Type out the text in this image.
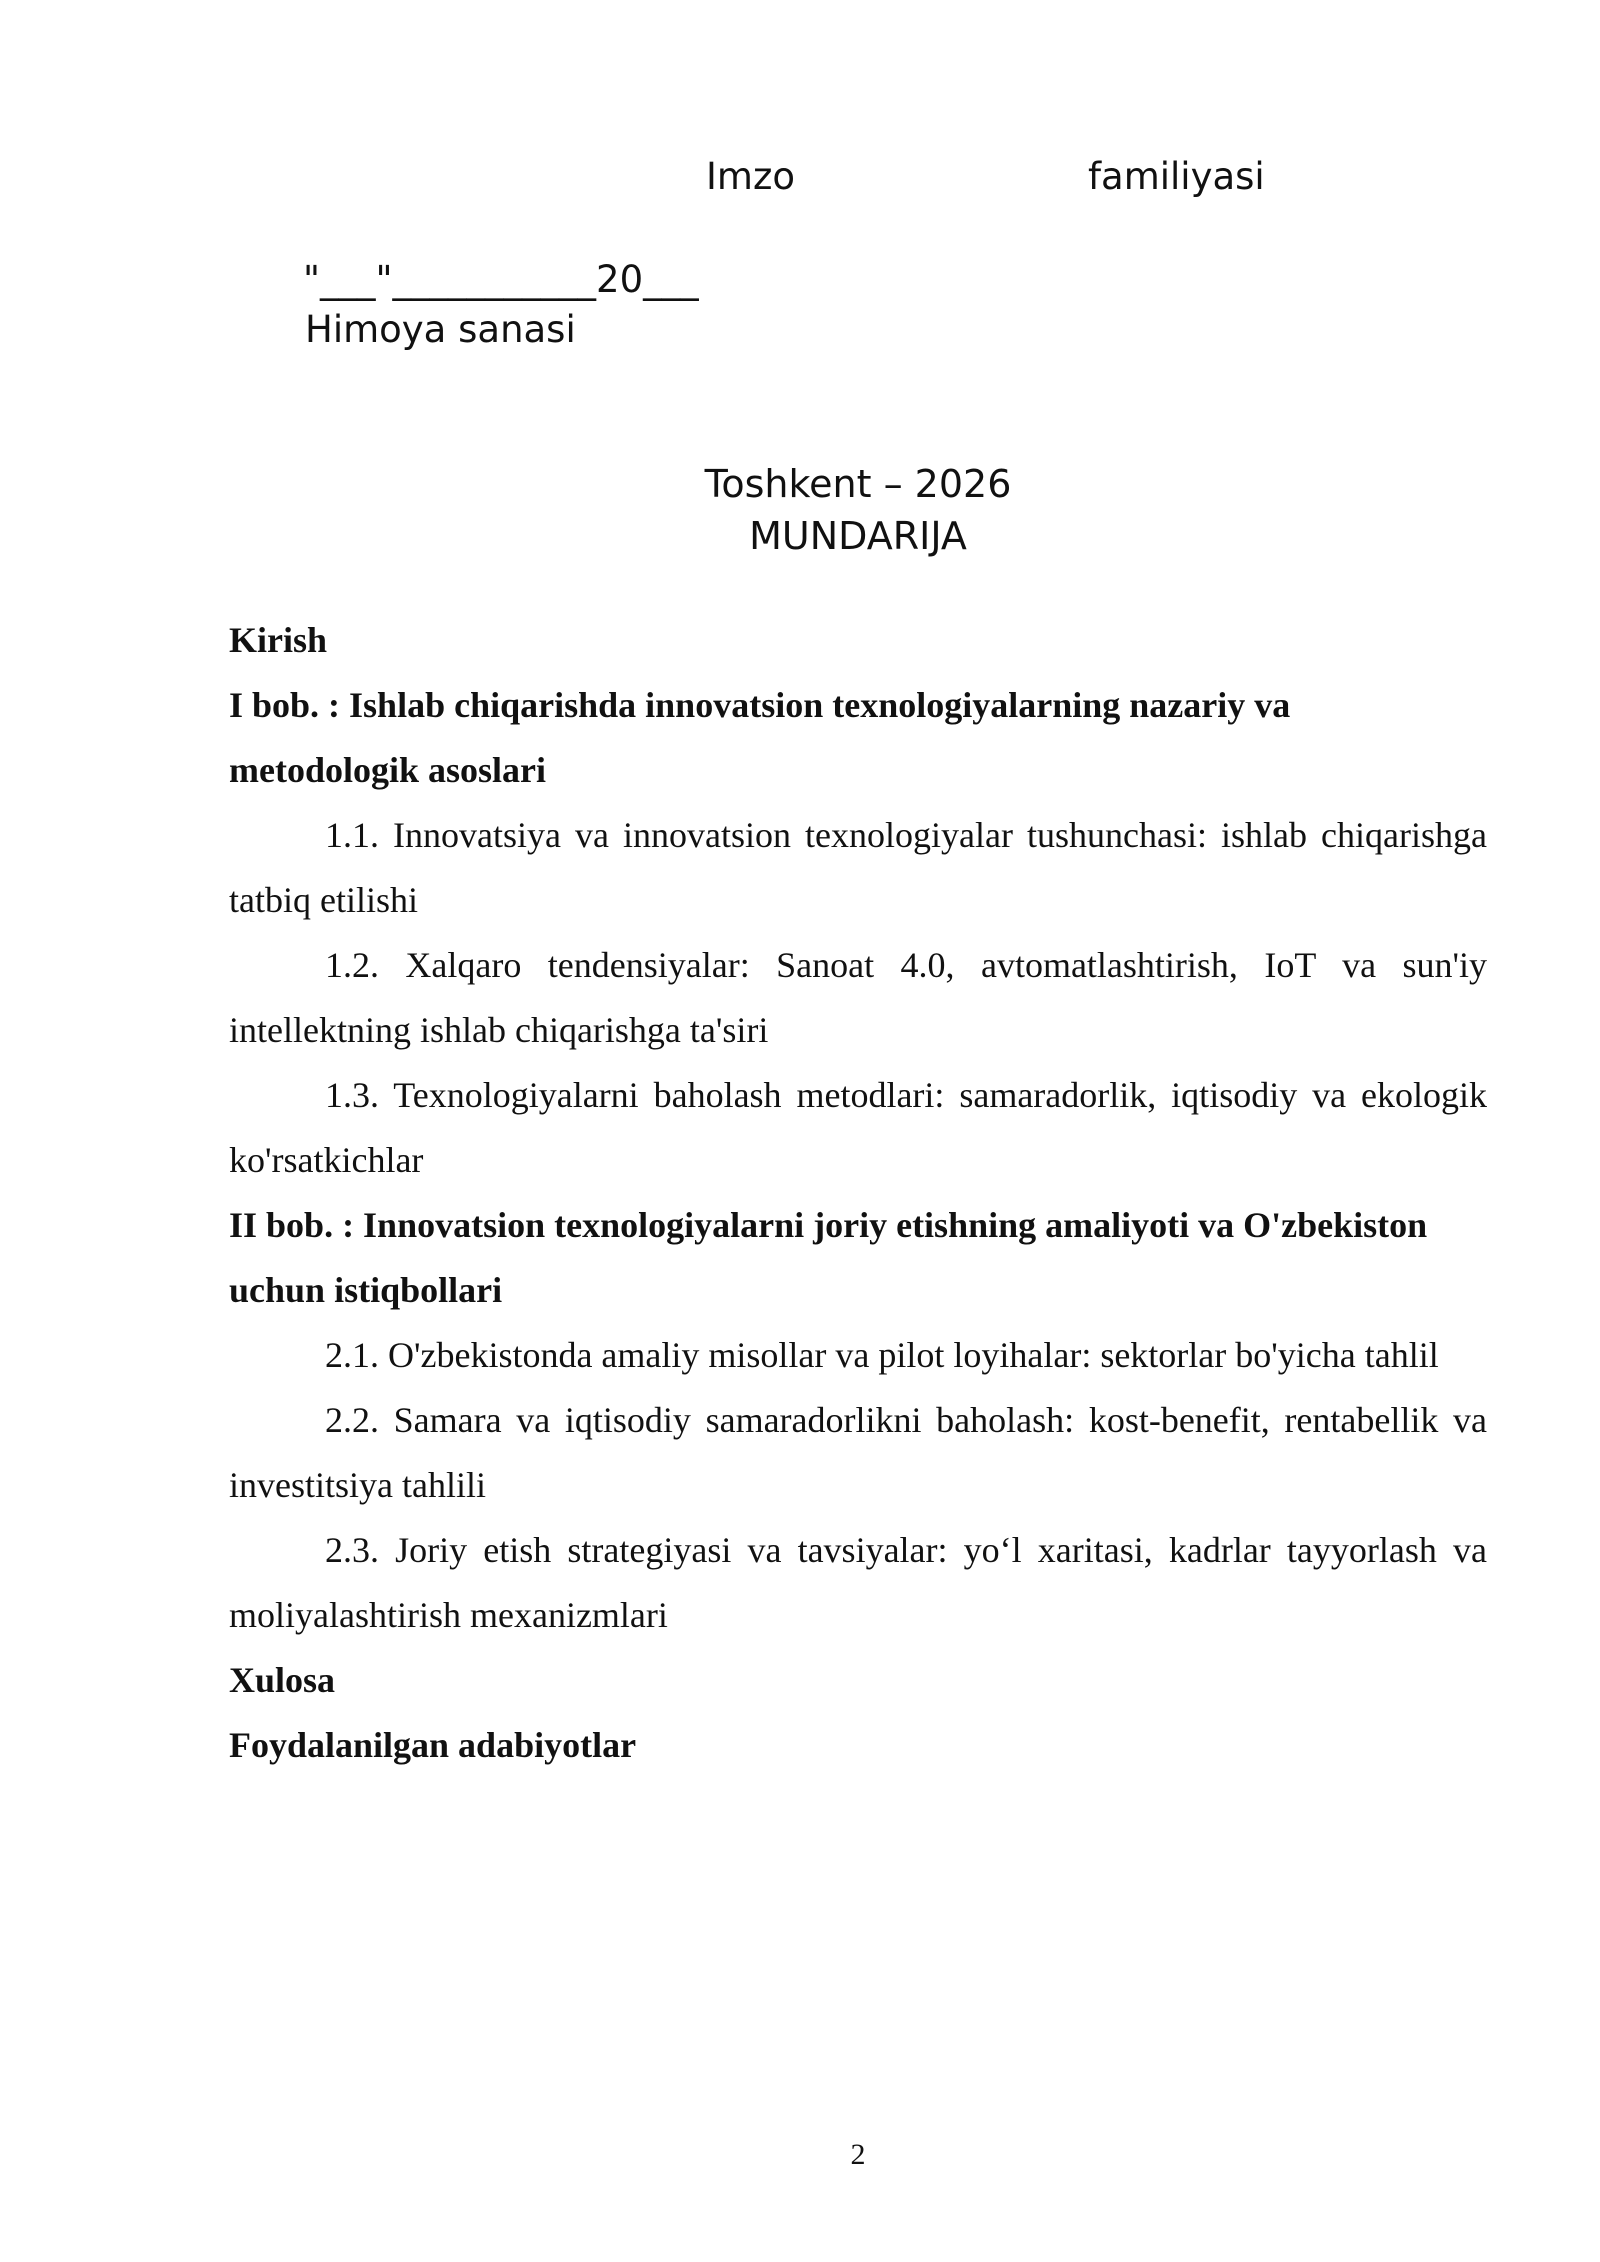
Imzo	familiyasi
"___"___________20___
Himoya sanasi
Toshkent – 2026
MUNDARIJA

Kirish

I bob. : Ishlab chiqarishda innovatsion texnologiyalarning nazariy va metodologik asoslari

1.1. Innovatsiya va innovatsion texnologiyalar tushunchasi: ishlab chiqarishga tatbiq etilishi

1.2. Xalqaro tendensiyalar: Sanoat 4.0, avtomatlashtirish, IoT va sun'iy intellektning ishlab chiqarishga ta'siri

1.3. Texnologiyalarni baholash metodlari: samaradorlik, iqtisodiy va ekologik ko'rsatkichlar

II bob. : Innovatsion texnologiyalarni joriy etishning amaliyoti va O'zbekiston uchun istiqbollari

2.1. O'zbekistonda amaliy misollar va pilot loyihalar: sektorlar bo'yicha tahlil

2.2. Samara va iqtisodiy samaradorlikni baholash: kost-benefit, rentabellik va investitsiya tahlili

2.3. Joriy etish strategiyasi va tavsiyalar: yo‘l xaritasi, kadrlar tayyorlash va moliyalashtirish mexanizmlari

Xulosa

Foydalanilgan adabiyotlar

2
